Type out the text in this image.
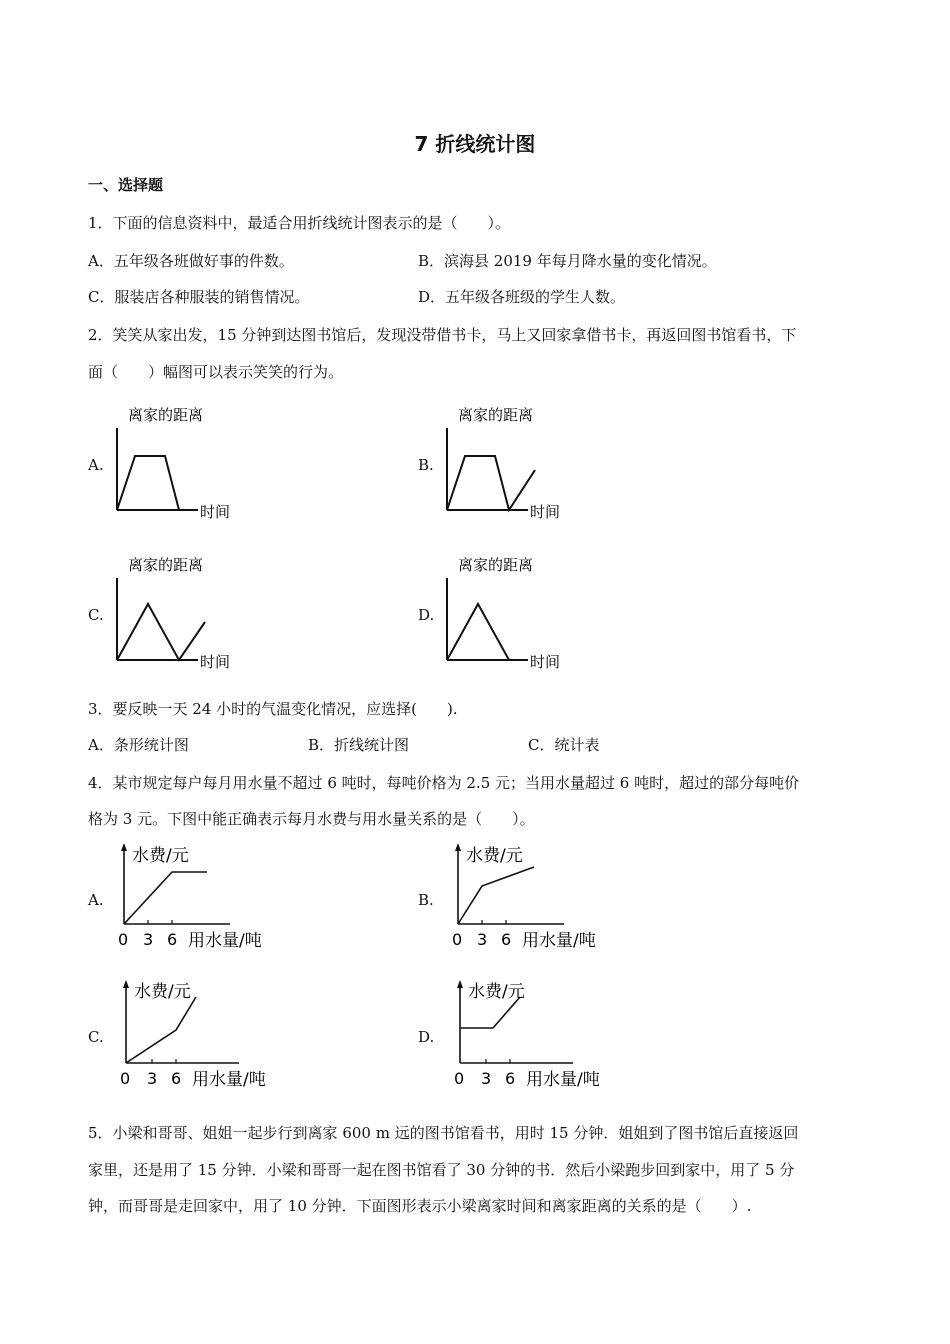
7 折线统计图
一、选择题
1．下面的信息资料中，最适合用折线统计图表示的是（　　）。
A．五年级各班做好事的件数。	B．滨海县 2019 年每月降水量的变化情况。
C．服装店各种服装的销售情况。	D．五年级各班级的学生人数。
2．笑笑从家出发，15 分钟到达图书馆后，发现没带借书卡，马上又回家拿借书卡，再返回图书馆看书，下
面（　　）幅图可以表示笑笑的行为。
A.	B.
C.	D.
离家的距离
时间
离家的距离
时间
离家的距离
时间
离家的距离
时间
3．要反映一天 24 小时的气温变化情况，应选择(　　).
A．条形统计图	B．折线统计图	C．统计表
4．某市规定每户每月用水量不超过 6 吨时，每吨价格为 2.5 元；当用水量超过 6 吨时，超过的部分每吨价
格为 3 元。下图中能正确表示每月水费与用水量关系的是（　　）。
A.	B.
C.	D.
水费/元
0 3 6 用水量/吨
水费/元
0 3 6 用水量/吨
水费/元
0 3 6 用水量/吨
水费/元
0 3 6 用水量/吨
5．小梁和哥哥、姐姐一起步行到离家 600 m 远的图书馆看书，用时 15 分钟．姐姐到了图书馆后直接返回
家里，还是用了 15 分钟．小梁和哥哥一起在图书馆看了 30 分钟的书．然后小梁跑步回到家中，用了 5 分
钟，而哥哥是走回家中，用了 10 分钟．下面图形表示小梁离家时间和离家距离的关系的是（　　）.
